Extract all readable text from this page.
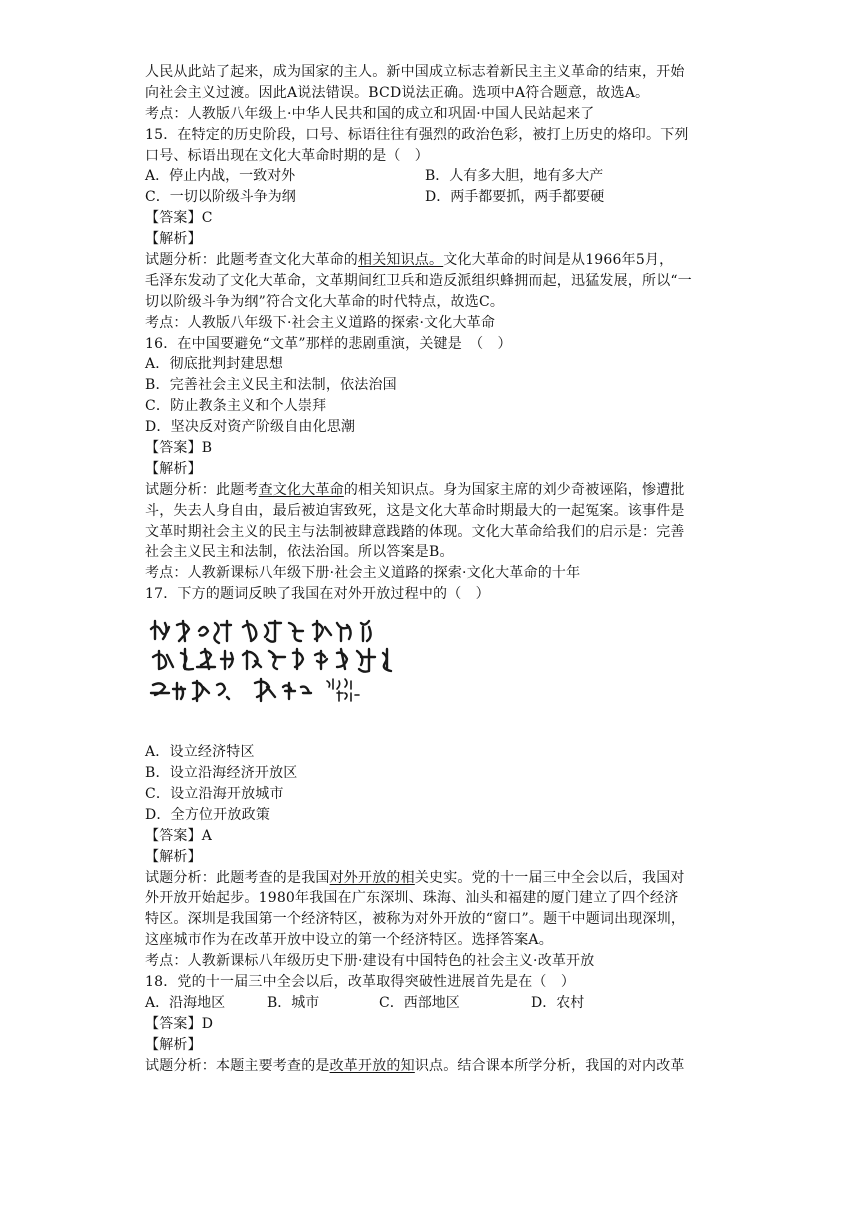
人民从此站了起来，成为国家的主人。新中国成立标志着新民主主义革命的结束，开始
向社会主义过渡。因此A说法错误。BCD说法正确。选项中A符合题意，故选A。
考点：人教版八年级上·中华人民共和国的成立和巩固·中国人民站起来了
15．在特定的历史阶段，口号、标语往往有强烈的政治色彩，被打上历史的烙印。下列
口号、标语出现在文化大革命时期的是（　）
A．停止内战，一致对外	B．人有多大胆，地有多大产
C．一切以阶级斗争为纲	D．两手都要抓，两手都要硬
【答案】C
【解析】
试题分析：此题考查文化大革命的相关知识点。文化大革命的时间是从1966年5月，
毛泽东发动了文化大革命，文革期间红卫兵和造反派组织蜂拥而起，迅猛发展，所以“一
切以阶级斗争为纲”符合文化大革命的时代特点，故选C。
考点：人教版八年级下·社会主义道路的探索·文化大革命
16．在中国要避免“文革”那样的悲剧重演，关键是　（　）
A．彻底批判封建思想
B．完善社会主义民主和法制，依法治国
C．防止教条主义和个人崇拜
D．坚决反对资产阶级自由化思潮
【答案】B
【解析】
试题分析：此题考查文化大革命的相关知识点。身为国家主席的刘少奇被诬陷，惨遭批
斗，失去人身自由，最后被迫害致死，这是文化大革命时期最大的一起冤案。该事件是
文革时期社会主义的民主与法制被肆意践踏的体现。文化大革命给我们的启示是：完善
社会主义民主和法制，依法治国。所以答案是B。
考点：人教新课标八年级下册·社会主义道路的探索·文化大革命的十年
17．下方的题词反映了我国在对外开放过程中的（　）
A．设立经济特区
B．设立沿海经济开放区
C．设立沿海开放城市
D．全方位开放政策
【答案】A
【解析】
试题分析：此题考查的是我国对外开放的相关史实。党的十一届三中全会以后，我国对
外开放开始起步。1980年我国在广东深圳、珠海、汕头和福建的厦门建立了四个经济
特区。深圳是我国第一个经济特区，被称为对外开放的“窗口”。题干中题词出现深圳，
这座城市作为在改革开放中设立的第一个经济特区。选择答案A。
考点：人教新课标八年级历史下册·建设有中国特色的社会主义·改革开放
18．党的十一届三中全会以后，改革取得突破性进展首先是在（　）
A．沿海地区	B．城市	C．西部地区	D．农村
【答案】D
【解析】
试题分析：本题主要考查的是改革开放的知识点。结合课本所学分析，我国的对内改革
